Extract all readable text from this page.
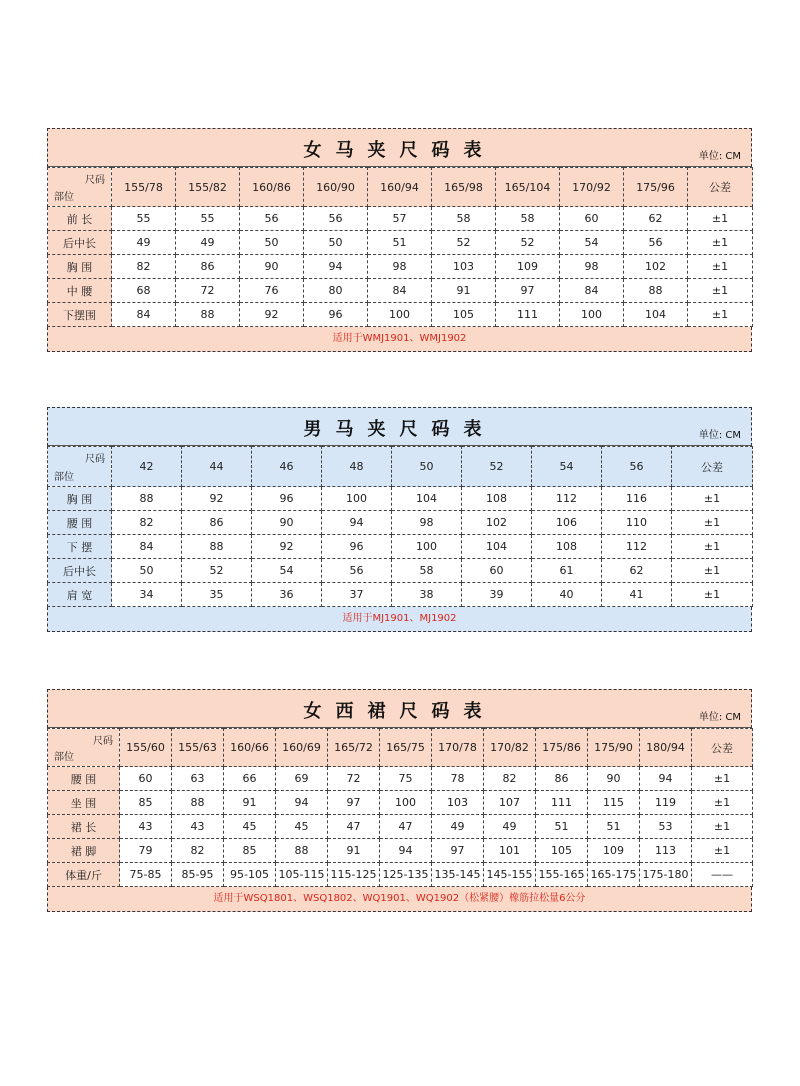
女马夹尺码表	单位: CM
尺码
部位	155/78	155/82	160/86	160/90	160/94	165/98	165/104	170/92	175/96	公差
前 长	55	55	56	56	57	58	58	60	62	±1
后中长	49	49	50	50	51	52	52	54	56	±1
胸 围	82	86	90	94	98	103	109	98	102	±1
中 腰	68	72	76	80	84	91	97	84	88	±1
下摆围	84	88	92	96	100	105	111	100	104	±1
适用于WMJ1901、WMJ1902
男马夹尺码表	单位: CM
尺码
部位	42	44	46	48	50	52	54	56	公差
胸 围	88	92	96	100	104	108	112	116	±1
腰 围	82	86	90	94	98	102	106	110	±1
下 摆	84	88	92	96	100	104	108	112	±1
后中长	50	52	54	56	58	60	61	62	±1
肩 宽	34	35	36	37	38	39	40	41	±1
适用于MJ1901、MJ1902
女西裙尺码表	单位: CM
尺码
部位	155/60	155/63	160/66	160/69	165/72	165/75	170/78	170/82	175/86	175/90	180/94	公差
腰 围	60	63	66	69	72	75	78	82	86	90	94	±1
坐 围	85	88	91	94	97	100	103	107	111	115	119	±1
裙 长	43	43	45	45	47	47	49	49	51	51	53	±1
裙 脚	79	82	85	88	91	94	97	101	105	109	113	±1
体重/斤	75-85	85-95	95-105	105-115	115-125	125-135	135-145	145-155	155-165	165-175	175-180	——
适用于WSQ1801、WSQ1802、WQ1901、WQ1902（松紧腰）橡筋拉松量6公分
